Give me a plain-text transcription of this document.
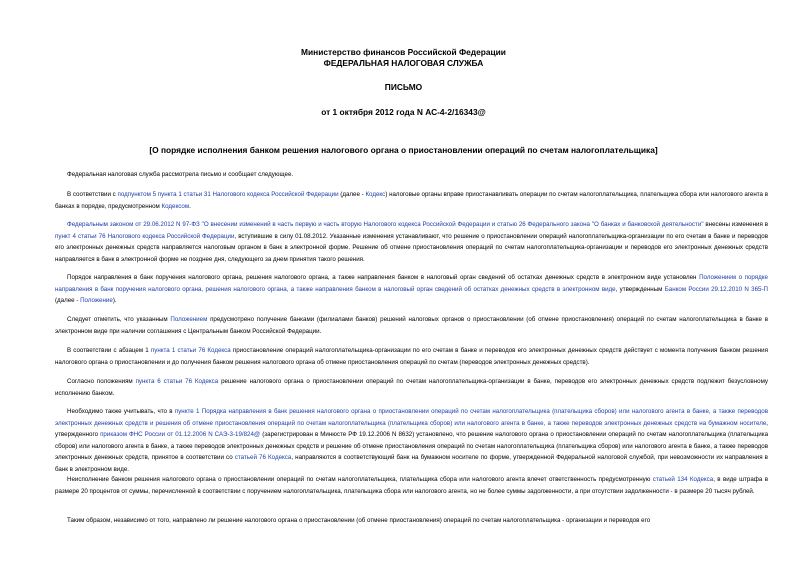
Министерство финансов Российской Федерации
ФЕДЕРАЛЬНАЯ НАЛОГОВАЯ СЛУЖБА
ПИСЬМО
от 1 октября 2012 года N АС-4-2/16343@
[О порядке исполнения банком решения налогового органа о приостановлении операций по счетам налогоплательщика]
Федеральная налоговая служба рассмотрела письмо и сообщает следующее.
В соответствии с подпунктом 5 пункта 1 статьи 31 Налогового кодекса Российской Федерации (далее - Кодекс) налоговые органы вправе приостанавливать операции по счетам налогоплательщика, плательщика сбора или налогового агента в банках в порядке, предусмотренном Кодексом.
Федеральным законом от 29.06.2012 N 97-ФЗ "О внесении изменений в часть первую и часть вторую Налогового кодекса Российской Федерации и статью 26 Федерального закона "О банках и банковской деятельности" внесены изменения в пункт 4 статьи 76 Налогового кодекса Российской Федерации, вступившие в силу 01.08.2012. Указанные изменения устанавливают, что решение о приостановлении операций налогоплательщика-организации по его счетам в банке и переводов его электронных денежных средств направляется налоговым органом в банк в электронной форме. Решение об отмене приостановления операций по счетам налогоплательщика-организации и переводов его электронных денежных средств направляется в банк в электронной форме не позднее дня, следующего за днем принятия такого решения.
Порядок направления в банк поручения налогового органа, решения налогового органа, а также направления банком в налоговый орган сведений об остатках денежных средств в электронном виде установлен Положением о порядке направления в банк поручения налогового органа, решения налогового органа, а также направления банком в налоговый орган сведений об остатках денежных средств в электронном виде, утвержденным Банком России 29.12.2010 N 365-П (далее - Положение).
Следует отметить, что указанным Положением предусмотрено получение банками (филиалами банков) решений налоговых органов о приостановлении (об отмене приостановления) операций по счетам налогоплательщика в банке в электронном виде при наличии соглашения с Центральным банком Российской Федерации.
В соответствии с абзацем 1 пункта 1 статьи 76 Кодекса приостановление операций налогоплательщика-организации по его счетам в банке и переводов его электронных денежных средств действует с момента получения банком решения налогового органа о приостановлении и до получения банком решения налогового органа об отмене приостановления операций по счетам (переводов электронных денежных средств).
Согласно положениям пункта 6 статьи 76 Кодекса решение налогового органа о приостановлении операций по счетам налогоплательщика-организации в банке, переводов его электронных денежных средств подлежит безусловному исполнению банком.
Необходимо также учитывать, что в пункте 1 Порядка направления в банк решения налогового органа о приостановлении операций по счетам налогоплательщика (плательщика сборов) или налогового агента в банке, а также переводов электронных денежных средств и решения об отмене приостановления операций по счетам налогоплательщика (плательщика сборов) или налогового агента в банке, а также переводов электронных денежных средств на бумажном носителе, утвержденного приказом ФНС России от 01.12.2006 N САЭ-3-19/824@ (зарегистрирован в Минюсте РФ 19.12.2006 N 8632) установлено, что решение налогового органа о приостановлении операций по счетам налогоплательщика (плательщика сборов) или налогового агента в банке, а также переводов электронных денежных средств и решение об отмене приостановления операций по счетам налогоплательщика (плательщика сборов) или налогового агента в банке, а также переводов электронных денежных средств, принятое в соответствии со статьей 76 Кодекса, направляются в соответствующий банк на бумажном носителе по форме, утвержденной Федеральной налоговой службой, при невозможности их направления в банк в электронном виде.
Неисполнение банком решения налогового органа о приостановлении операций по счетам налогоплательщика, плательщика сбора или налогового агента влечет ответственность предусмотренную статьей 134 Кодекса, в виде штрафа в размере 20 процентов от суммы, перечисленной в соответствии с поручением налогоплательщика, плательщика сбора или налогового агента, но не более суммы задолженности, а при отсутствии задолженности - в размере 20 тысяч рублей.
Таким образом, независимо от того, направлено ли решение налогового органа о приостановлении (об отмене приостановления) операций по счетам налогоплательщика - организации и переводов его
